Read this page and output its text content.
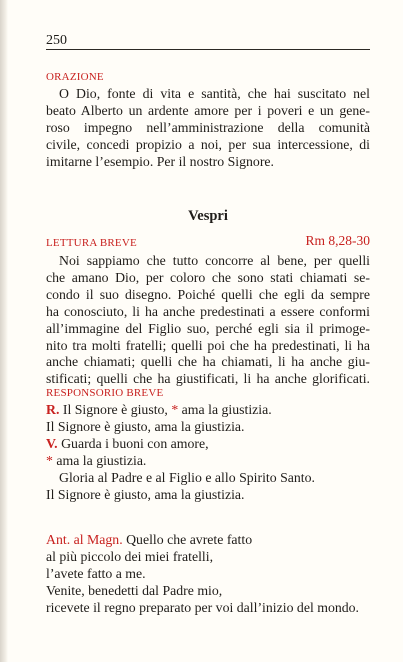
250
ORAZIONE
O Dio, fonte di vita e santità, che hai suscitato nel
beato Alberto un ardente amore per i poveri e un gene-
roso impegno nell’amministrazione della comunità
civile, concedi propizio a noi, per sua intercessione, di
imitarne l’esempio. Per il nostro Signore.
Vespri
LETTURA BREVE	Rm 8,28-30
Noi sappiamo che tutto concorre al bene, per quelli
che amano Dio, per coloro che sono stati chiamati se-
condo il suo disegno. Poiché quelli che egli da sempre
ha conosciuto, li ha anche predestinati a essere conformi
all’immagine del Figlio suo, perché egli sia il primoge-
nito tra molti fratelli; quelli poi che ha predestinati, li ha
anche chiamati; quelli che ha chiamati, li ha anche giu-
stificati; quelli che ha giustificati, li ha anche glorificati.
RESPONSORIO BREVE
R. Il Signore è giusto, * ama la giustizia.
Il Signore è giusto, ama la giustizia.
V. Guarda i buoni con amore,
* ama la giustizia.
Gloria al Padre e al Figlio e allo Spirito Santo.
Il Signore è giusto, ama la giustizia.
Ant. al Magn. Quello che avrete fatto
al più piccolo dei miei fratelli,
l’avete fatto a me.
Venite, benedetti dal Padre mio,
ricevete il regno preparato per voi dall’inizio del mondo.
